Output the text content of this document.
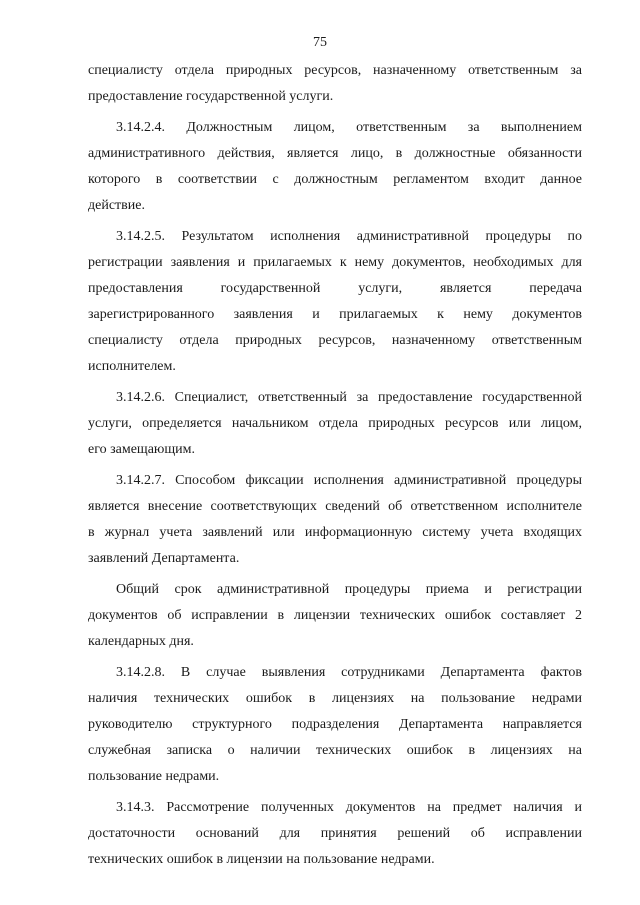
75
специалисту отдела природных ресурсов, назначенному ответственным за
предоставление государственной услуги.
3.14.2.4. Должностным лицом, ответственным за выполнением
административного действия, является лицо, в должностные обязанности
которого в соответствии с должностным регламентом входит данное
действие.
3.14.2.5. Результатом исполнения административной процедуры по
регистрации заявления и прилагаемых к нему документов, необходимых для
предоставления государственной услуги, является передача
зарегистрированного заявления и прилагаемых к нему документов
специалисту отдела природных ресурсов, назначенному ответственным
исполнителем.
3.14.2.6. Специалист, ответственный за предоставление государственной
услуги, определяется начальником отдела природных ресурсов или лицом,
его замещающим.
3.14.2.7. Способом фиксации исполнения административной процедуры
является внесение соответствующих сведений об ответственном исполнителе
в журнал учета заявлений или информационную систему учета входящих
заявлений Департамента.
Общий срок административной процедуры приема и регистрации
документов об исправлении в лицензии технических ошибок составляет 2
календарных дня.
3.14.2.8. В случае выявления сотрудниками Департамента фактов
наличия технических ошибок в лицензиях на пользование недрами
руководителю структурного подразделения Департамента направляется
служебная записка о наличии технических ошибок в лицензиях на
пользование недрами.
3.14.3. Рассмотрение полученных документов на предмет наличия и
достаточности оснований для принятия решений об исправлении
технических ошибок в лицензии на пользование недрами.
